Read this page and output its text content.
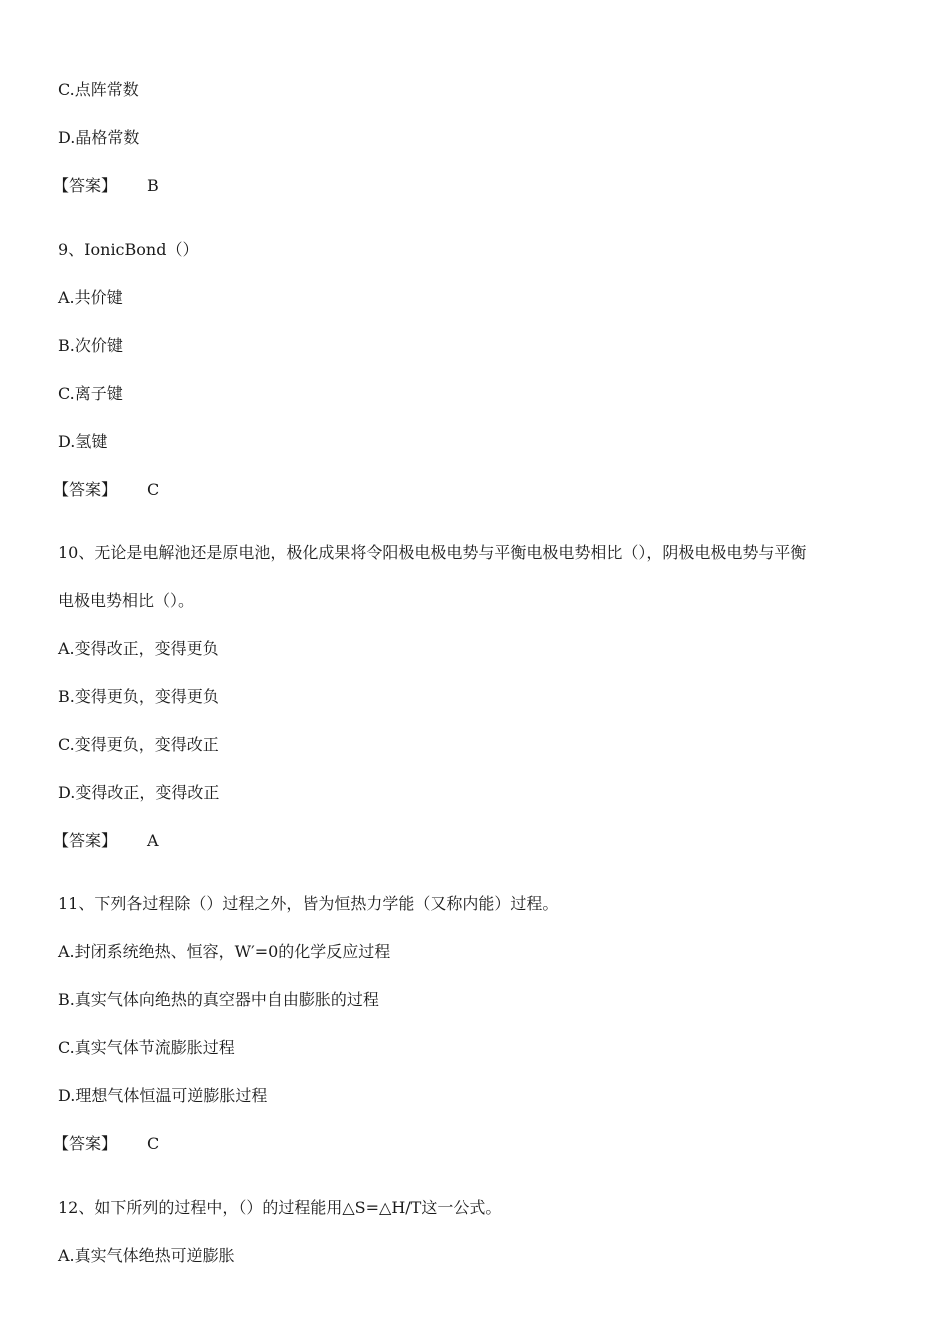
C.点阵常数
D.晶格常数
【答案】 B
9、IonicBond（）
A.共价键
B.次价键
C.离子键
D.氢键
【答案】 C
10、无论是电解池还是原电池，极化成果将令阳极电极电势与平衡电极电势相比（），阴极电极电势与平衡
电极电势相比（）。
A.变得改正，变得更负
B.变得更负，变得更负
C.变得更负，变得改正
D.变得改正，变得改正
【答案】 A
11、下列各过程除（）过程之外，皆为恒热力学能（又称内能）过程。
A.封闭系统绝热、恒容，W′=0的化学反应过程
B.真实气体向绝热的真空器中自由膨胀的过程
C.真实气体节流膨胀过程
D.理想气体恒温可逆膨胀过程
【答案】 C
12、如下所列的过程中，（）的过程能用△S=△H/T这一公式。
A.真实气体绝热可逆膨胀
